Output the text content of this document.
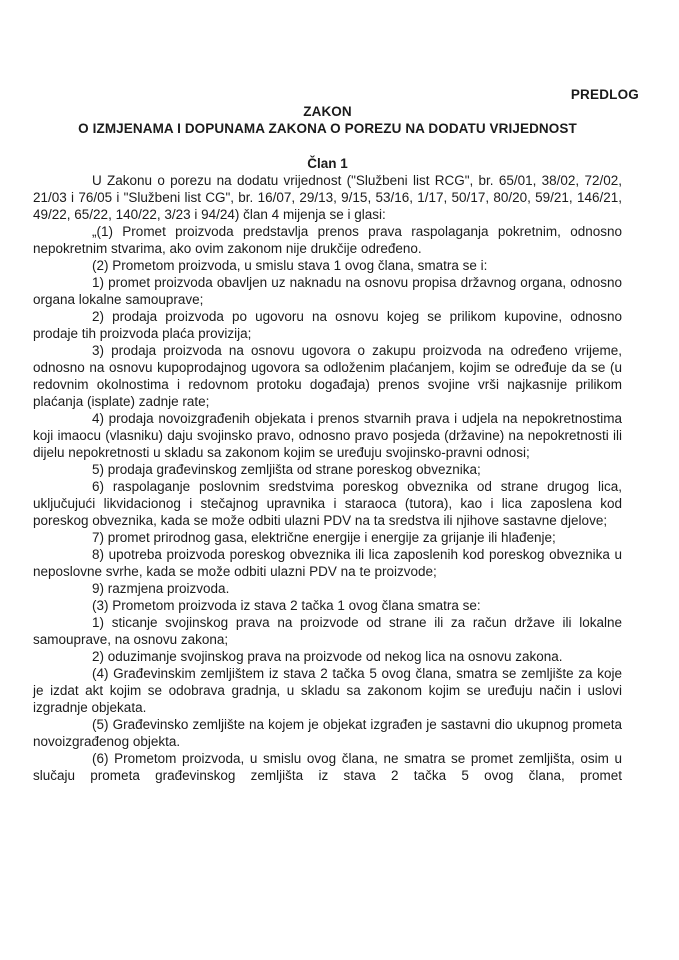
PREDLOG
ZAKON
O IZMJENAMA I DOPUNAMA ZAKONA O POREZU NA DODATU VRIJEDNOST
Član 1

U Zakonu o porezu na dodatu vrijednost ("Službeni list RCG", br. 65/01, 38/02, 72/02, 21/03 i 76/05 i "Službeni list CG", br. 16/07, 29/13, 9/15, 53/16, 1/17, 50/17, 80/20, 59/21, 146/21, 49/22, 65/22, 140/22, 3/23 i 94/24) član 4 mijenja se i glasi:

„(1) Promet proizvoda predstavlja prenos prava raspolaganja pokretnim, odnosno nepokretnim stvarima, ako ovim zakonom nije drukčije određeno.

(2) Prometom proizvoda, u smislu stava 1 ovog člana, smatra se i:

1) promet proizvoda obavljen uz naknadu na osnovu propisa državnog organa, odnosno organa lokalne samouprave;

2) prodaja proizvoda po ugovoru na osnovu kojeg se prilikom kupovine, odnosno prodaje tih proizvoda plaća provizija;

3) prodaja proizvoda na osnovu ugovora o zakupu proizvoda na određeno vrijeme, odnosno na osnovu kupoprodajnog ugovora sa odloženim plaćanjem, kojim se određuje da se (u redovnim okolnostima i redovnom protoku događaja) prenos svojine vrši najkasnije prilikom plaćanja (isplate) zadnje rate;

4) prodaja novoizgrađenih objekata i prenos stvarnih prava i udjela na nepokretnostima koji imaocu (vlasniku) daju svojinsko pravo, odnosno pravo posjeda (državine) na nepokretnosti ili dijelu nepokretnosti u skladu sa zakonom kojim se uređuju svojinsko-pravni odnosi;

5) prodaja građevinskog zemljišta od strane poreskog obveznika;

6) raspolaganje poslovnim sredstvima poreskog obveznika od strane drugog lica, uključujući likvidacionog i stečajnog upravnika i staraoca (tutora), kao i lica zaposlena kod poreskog obveznika, kada se može odbiti ulazni PDV na ta sredstva ili njihove sastavne djelove;

7) promet prirodnog gasa, električne energije i energije za grijanje ili hlađenje;

8) upotreba proizvoda poreskog obveznika ili lica zaposlenih kod poreskog obveznika u neposlovne svrhe, kada se može odbiti ulazni PDV na te proizvode;

9) razmjena proizvoda.

(3) Prometom proizvoda iz stava 2 tačka 1 ovog člana smatra se:

1) sticanje svojinskog prava na proizvode od strane ili za račun države ili lokalne samouprave, na osnovu zakona;

2) oduzimanje svojinskog prava na proizvode od nekog lica na osnovu zakona.

(4) Građevinskim zemljištem iz stava 2 tačka 5 ovog člana, smatra se zemljište za koje je izdat akt kojim se odobrava gradnja, u skladu sa zakonom kojim se uređuju način i uslovi izgradnje objekata.

(5) Građevinsko zemljište na kojem je objekat izgrađen je sastavni dio ukupnog prometa novoizgrađenog objekta.

(6) Prometom proizvoda, u smislu ovog člana, ne smatra se promet zemljišta, osim u slučaju prometa građevinskog zemljišta iz stava 2 tačka 5 ovog člana, promet
